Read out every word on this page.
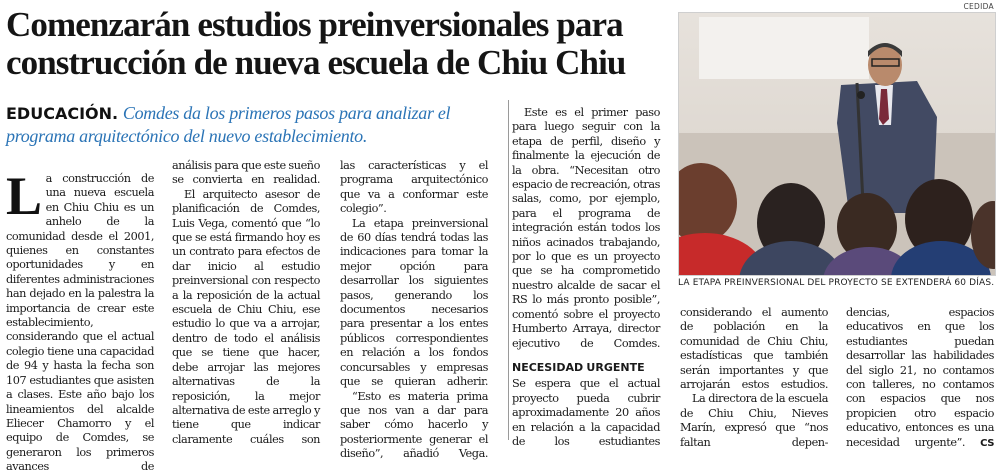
Comenzarán estudios preinversionales para
construcción de nueva escuela de Chiu Chiu
EDUCACIÓN. Comdes da los primeros pasos para analizar el programa arquitectónico del nuevo establecimiento.

La construcción de una nueva escuela en Chiu Chiu es un anhelo de la comunidad desde el 2001, quienes en constantes oportunidades y en diferentes administraciones han dejado en la palestra la importancia de crear este establecimiento, considerando que el actual colegio tiene una capacidad de 94 y hasta la fecha son 107 estudiantes que asisten a clases. Este año bajo los lineamientos del alcalde Eliecer Chamorro y el equipo de Comdes, se generaron los primeros avances de

análisis para que este sueño se convierta en realidad.

El arquitecto asesor de planificación de Comdes, Luis Vega, comentó que “lo que se está firmando hoy es un contrato para efectos de dar inicio al estudio preinversional con respecto a la reposición de la actual escuela de Chiu Chiu, ese estudio lo que va a arrojar, dentro de todo el análisis que se tiene que hacer, debe arrojar las mejores alternativas de la reposición, la mejor alternativa de este arreglo y tiene que indicar claramente cuáles son

las características y el programa arquitectónico que va a conformar este colegio”.

La etapa preinversional de 60 días tendrá todas las indicaciones para tomar la mejor opción para desarrollar los siguientes pasos, generando los documentos necesarios para presentar a los entes públicos correspondientes en relación a los fondos concursables y empresas que se quieran adherir.

“Esto es materia prima que nos van a dar para saber cómo hacerlo y posteriormente generar el diseño”, añadió Vega.

Este es el primer paso para luego seguir con la etapa de perfil, diseño y finalmente la ejecución de la obra. “Necesitan otro espacio de recreación, otras salas, como, por ejemplo, para el programa de integración están todos los niños acinados trabajando, por lo que es un proyecto que se ha comprometido nuestro alcalde de sacar el RS lo más pronto posible”, comentó sobre el proyecto Humberto Arraya, director ejecutivo de Comdes.

NECESIDAD URGENTE

Se espera que el actual proyecto pueda cubrir aproximadamente 20 años en relación a la capacidad de los estudiantes

considerando el aumento de población en la comunidad de Chiu Chiu, estadísticas que también serán importantes y que arrojarán estos estudios.

La directora de la escuela de Chiu Chiu, Nieves Marín, expresó que “nos faltan depen-

dencias, espacios educativos en que los estudiantes puedan desarrollar las habilidades del siglo 21, no contamos con talleres, no contamos con espacios que nos propicien otro espacio educativo, entonces es una necesidad urgente”. CS

CEDIDA

LA ETAPA PREINVERSIONAL DEL PROYECTO SE EXTENDERÁ 60 DÍAS.
